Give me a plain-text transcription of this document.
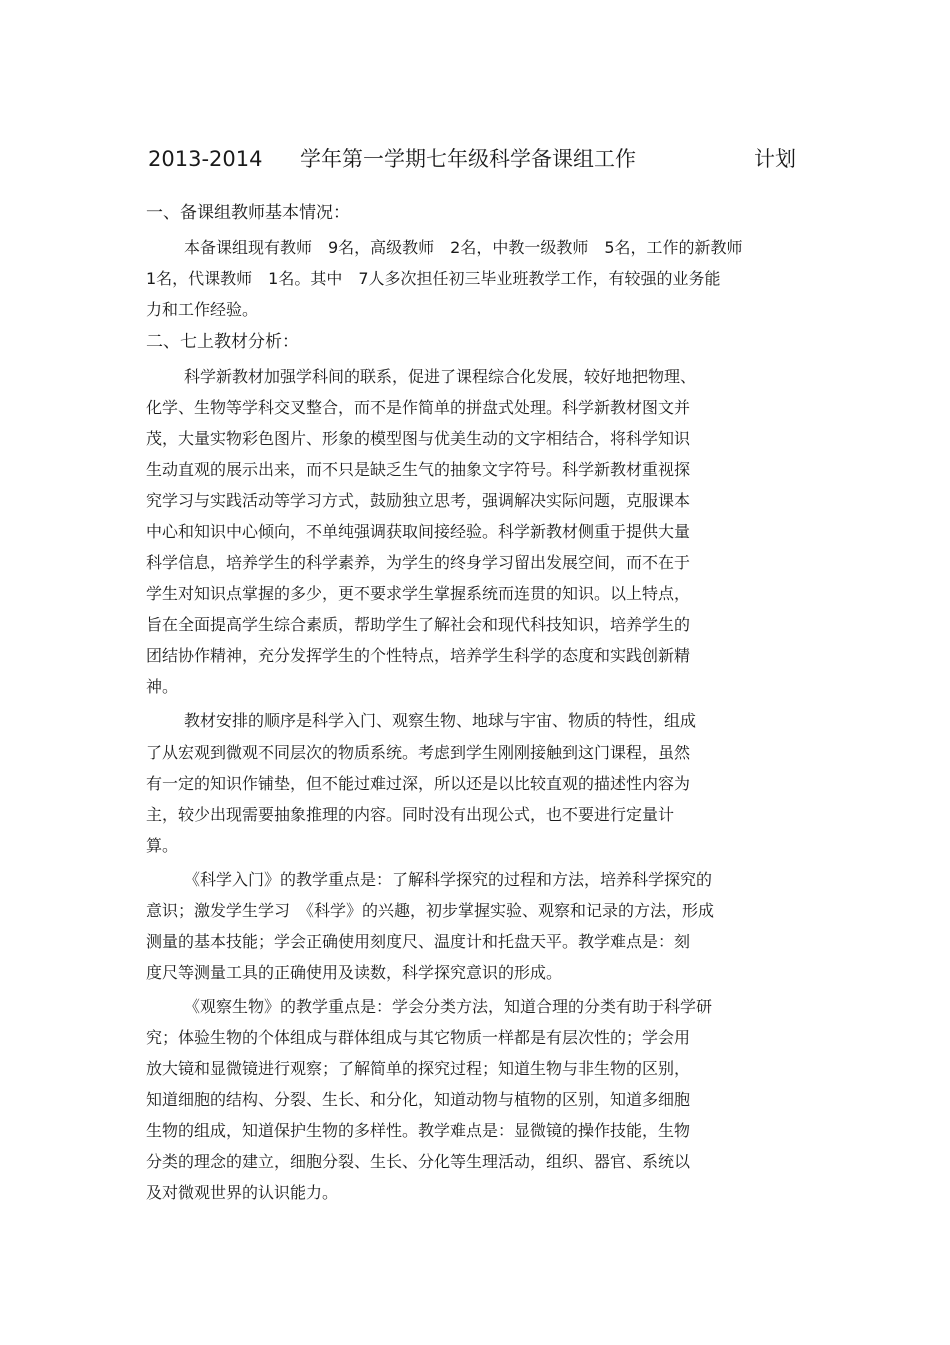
2013-2014 学年第一学期七年级科学备课组工作	计划
一、备课组教师基本情况：
本备课组现有教师　9名，高级教师　2名，中教一级教师　5名，工作的新教师
1名，代课教师　1名。其中　7人多次担任初三毕业班教学工作，有较强的业务能
力和工作经验。
二、七上教材分析：
科学新教材加强学科间的联系，促进了课程综合化发展，较好地把物理、
化学、生物等学科交叉整合，而不是作简单的拼盘式处理。科学新教材图文并
茂，大量实物彩色图片、形象的模型图与优美生动的文字相结合，将科学知识
生动直观的展示出来，而不只是缺乏生气的抽象文字符号。科学新教材重视探
究学习与实践活动等学习方式，鼓励独立思考，强调解决实际问题，克服课本
中心和知识中心倾向，不单纯强调获取间接经验。科学新教材侧重于提供大量
科学信息，培养学生的科学素养，为学生的终身学习留出发展空间，而不在于
学生对知识点掌握的多少，更不要求学生掌握系统而连贯的知识。以上特点，
旨在全面提高学生综合素质，帮助学生了解社会和现代科技知识，培养学生的
团结协作精神，充分发挥学生的个性特点，培养学生科学的态度和实践创新精
神。
教材安排的顺序是科学入门、观察生物、地球与宇宙、物质的特性，组成
了从宏观到微观不同层次的物质系统。考虑到学生刚刚接触到这门课程，虽然
有一定的知识作铺垫，但不能过难过深，所以还是以比较直观的描述性内容为
主，较少出现需要抽象推理的内容。同时没有出现公式，也不要进行定量计
算。
《科学入门》的教学重点是：了解科学探究的过程和方法，培养科学探究的
意识；激发学生学习　《科学》的兴趣，初步掌握实验、观察和记录的方法，形成
测量的基本技能；学会正确使用刻度尺、温度计和托盘天平。教学难点是：刻
度尺等测量工具的正确使用及读数，科学探究意识的形成。
《观察生物》的教学重点是：学会分类方法，知道合理的分类有助于科学研
究；体验生物的个体组成与群体组成与其它物质一样都是有层次性的；学会用
放大镜和显微镜进行观察；了解简单的探究过程；知道生物与非生物的区别，
知道细胞的结构、分裂、生长、和分化，知道动物与植物的区别，知道多细胞
生物的组成，知道保护生物的多样性。教学难点是：显微镜的操作技能，生物
分类的理念的建立，细胞分裂、生长、分化等生理活动，组织、器官、系统以
及对微观世界的认识能力。
